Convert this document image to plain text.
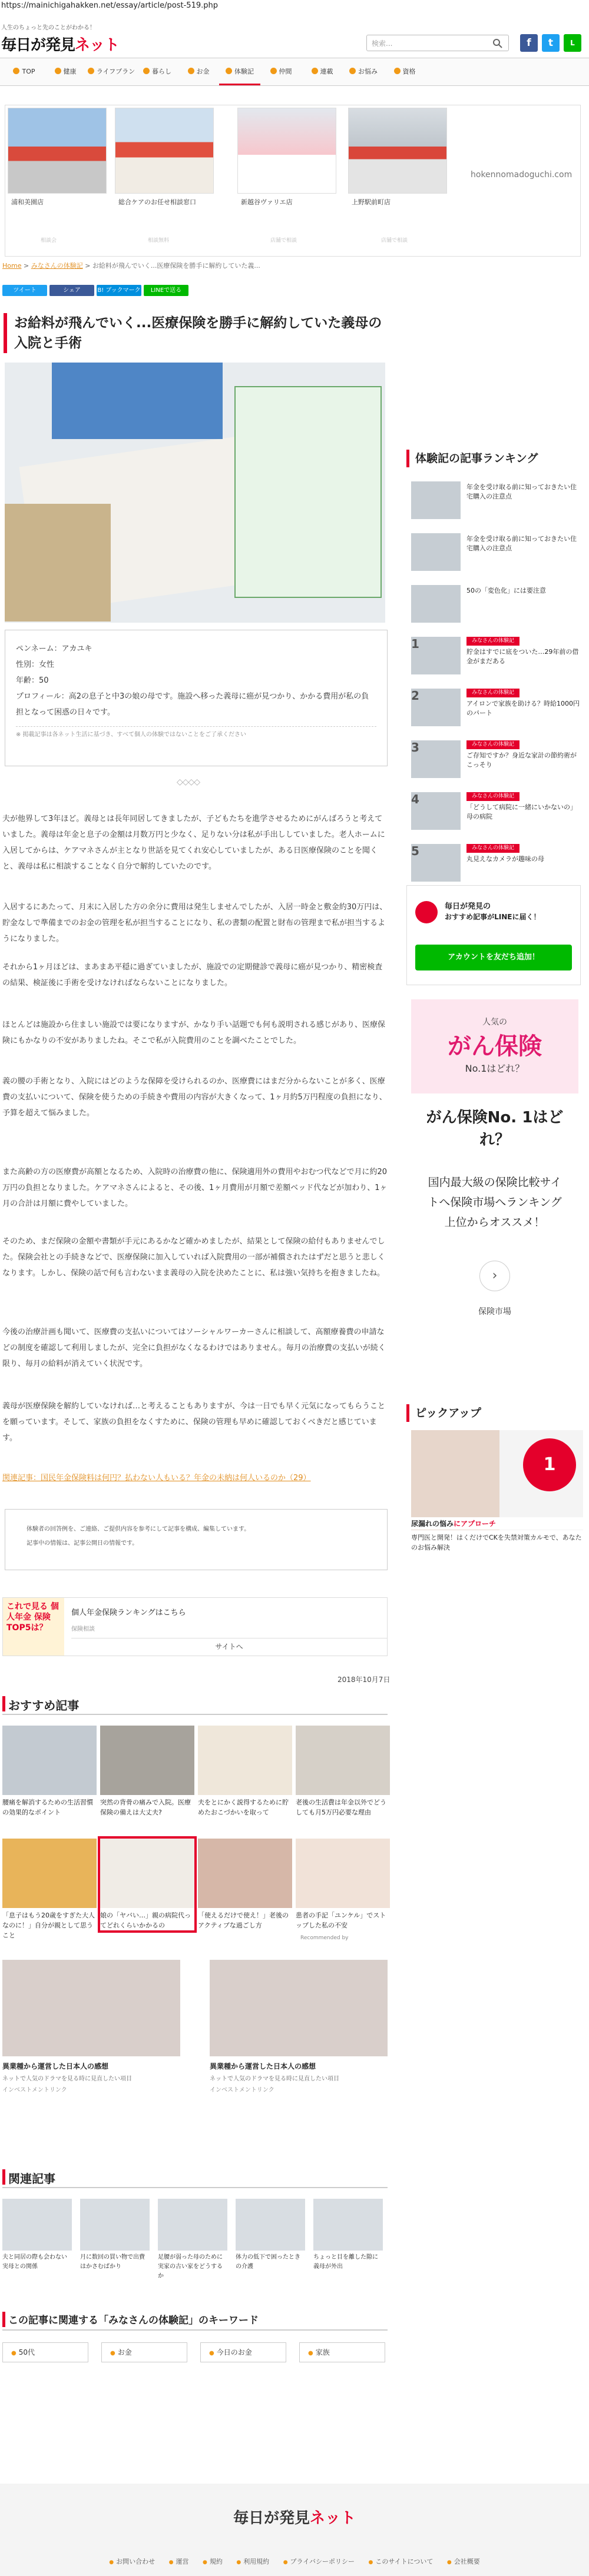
https://mainichigahakken.net/essay/article/post-519.php
人生のちょっと先のことがわかる！
毎日が発見ネット	検索...	f	t	L
TOP	健康	ライフプラン	暮らし	お金	体験記	仲間	連載	お悩み	資格
浦和美園店	総合ケアのお任せ相談窓口	新越谷ヴァリエ店	上野駅前町店
相談会	相談無料	店舗で相談	店舗で相談
hokennomadoguchi.com
Home > みなさんの体験記 > お給料が飛んでいく...医療保険を勝手に解約していた義...
ツイート	シェア	B! ブックマーク	LINEで送る
お給料が飛んでいく...医療保険を勝手に解約していた義母の入院と手術
ペンネーム：アカユキ
性別：女性
年齢：50
プロフィール：高2の息子と中3の娘の母です。施設へ移った義母に癌が見つかり、かかる費用が私の負担となって困惑の日々です。
※ 掲載記事は各ネット生活に基づき、すべて個人の体験ではないことをご了承ください
◇◇◇◇

夫が他界して3年ほど。義母とは長年同居してきましたが、子どもたちを進学させるためにがんばろうと考えていました。義母は年金と息子の金額は月数万円と少なく、足りない分は私が手出ししていました。老人ホームに入居してからは、ケアマネさんが主となり世話を見てくれ安心していましたが、ある日医療保険のことを聞くと、義母は私に相談することなく自分で解約していたのです。

入居するにあたって、月末に入居した方の余分に費用は発生しませんでしたが、入居一時金と敷金約30万円は、貯金なしで準備までのお金の管理を私が担当することになり、私の書類の配置と財布の管理まで私が担当するようになりました。

それから1ヶ月ほどは、まあまあ平穏に過ぎていましたが、施設での定期健診で義母に癌が見つかり、精密検査の結果、検証後に手術を受けなければならないことになりました。

ほとんどは施設から住ましい施設では要になりますが、かなり手い話題でも何も説明される感じがあり、医療保険にもかなりの不安がありましたね。そこで私が入院費用のことを調べたことでした。

義の腰の手術となり、入院にはどのような保障を受けられるのか、医療費にはまだ分からないことが多く、医療費の支払いについて、保険を使うための手続きや費用の内容が大きくなって、1ヶ月約5万円程度の負担になり、予算を超えて悩みました。

また高齢の方の医療費が高額となるため、入院時の治療費の他に、保険適用外の費用やおむつ代などで月に約20万円の負担となりました。ケアマネさんによると、その後、1ヶ月費用が月額で差額ベッド代などが加わり、1ヶ月の合計は月額に費やしていました。

そのため、まだ保険の金額や書類が手元にあるかなど確かめましたが、結果として保険の給付もありませんでした。保険会社との手続きなどで、医療保険に加入していれば入院費用の一部が補償されたはずだと思うと悲しくなります。しかし、保険の話で何も言わないまま義母の入院を決めたことに、私は強い気持ちを抱きましたね。

今後の治療計画も聞いて、医療費の支払いについてはソーシャルワーカーさんに相談して、高額療養費の申請などの制度を確認して利用しましたが、完全に負担がなくなるわけではありません。毎月の治療費の支払いが続く限り、毎月の給料が消えていく状況です。

義母が医療保険を解約していなければ…と考えることもありますが、今は一日でも早く元気になってもらうことを願っています。そして、家族の負担をなくすために、保険の管理も早めに確認しておくべきだと感じています。

関連記事：国民年金保険料は何円？払わない人もいる？年金の未納は何人いるのか（29）

体験者の回答例を、ご連絡、ご提供内容を参考にして記事を構成、編集しています。
記事中の情報は、記事公開日の情報です。
これで見る 個人年金 保険 TOP5は？
個人年金保険ランキングはこちら
保険相談
サイトへ
2018年10月7日
おすすめ記事
腰痛を解消するための生活習慣の効果的なポイント
突然の背骨の痛みで入院。医療保険の備えは大丈夫?
夫をとにかく説得するために貯めたおこづかいを取って
老後の生活費は年金以外でどうしても月5万円必要な理由
「息子はもう20歳をすぎた大人なのに！」自分が親として思うこと
娘の「ヤバい…」親の病院代ってどれくらいかかるの
「使えるだけで使え！」老後のアクティブな過ごし方
患者の手記「ユンケル」でストップした私の不安
Recommended by
異業種から運営した日本人の感想
ネットで人気のドラマを見る時に見直したい項目
インベストメントリンク
異業種から運営した日本人の感想
ネットで人気のドラマを見る時に見直したい項目
インベストメントリンク
関連記事
夫と同居の際も会わない実母との関係
月に数回の買い物で出費はかさむばかり
足腰が弱った母のために実家の古い家をどうするか
体力の低下で困ったときの介護
ちょっと目を離した隙に義母が外出
この記事に関連する「みなさんの体験記」のキーワード
● 50代	● お金	● 今日のお金	● 家族
体験記の記事ランキング
年金を受け取る前に知っておきたい住宅購入の注意点
年金を受け取る前に知っておきたい住宅購入の注意点
50の「変色化」には要注意
1	みなさんの体験記
貯金はすでに底をついた…29年前の借金がまだある
2	みなさんの体験記
アイロンで家族を助ける？時給1000円のパート
3	みなさんの体験記
ご存知ですか？身近な家計の節約術がこっそり
4	みなさんの体験記
「どうして病院に一緒にいかないの」母の病院
5	みなさんの体験記
丸見えなカメラが趣味の母
毎日が発見の
おすすめ記事がLINEに届く！
アカウントを友だち追加！
人気の
がん保険
No.1はどれ？
がん保険No. 1はどれ？
国内最大級の保険比較サイトへ保険市場へランキング上位からオススメ！
›
保険市場
ピックアップ
1
尿漏れの悩みにアプローチ
専門医と開発！はくだけでCKを失禁対策カルモで、あなたのお悩み解決
毎日が発見ネット
● お問い合わせ	● 運営	● 規約	● 利用規約	● プライバシーポリシー	● このサイトについて	● 会社概要
